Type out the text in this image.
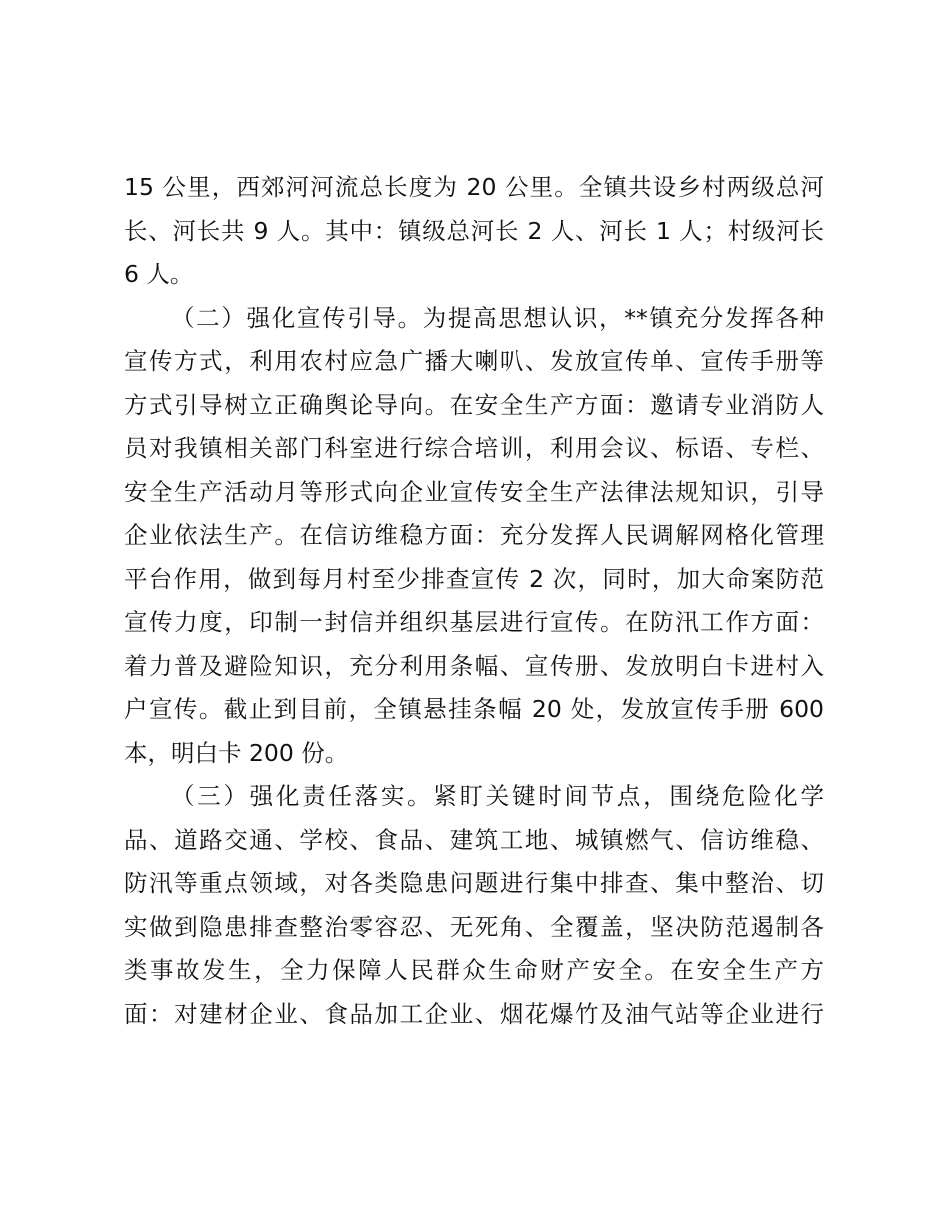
15 公里，西郊河河流总长度为 20 公里。全镇共设乡村两级总河
长、河长共 9 人。其中：镇级总河长 2 人、河长 1 人；村级河长
6 人。
（二）强化宣传引导。为提高思想认识，**镇充分发挥各种
宣传方式，利用农村应急广播大喇叭、发放宣传单、宣传手册等
方式引导树立正确舆论导向。在安全生产方面：邀请专业消防人
员对我镇相关部门科室进行综合培训，利用会议、标语、专栏、
安全生产活动月等形式向企业宣传安全生产法律法规知识，引导
企业依法生产。在信访维稳方面：充分发挥人民调解网格化管理
平台作用，做到每月村至少排查宣传 2 次，同时，加大命案防范
宣传力度，印制一封信并组织基层进行宣传。在防汛工作方面：
着力普及避险知识，充分利用条幅、宣传册、发放明白卡进村入
户宣传。截止到目前，全镇悬挂条幅 20 处，发放宣传手册 600
本，明白卡 200 份。
（三）强化责任落实。紧盯关键时间节点，围绕危险化学
品、道路交通、学校、食品、建筑工地、城镇燃气、信访维稳、
防汛等重点领域，对各类隐患问题进行集中排查、集中整治、切
实做到隐患排查整治零容忍、无死角、全覆盖，坚决防范遏制各
类事故发生，全力保障人民群众生命财产安全。在安全生产方
面：对建材企业、食品加工企业、烟花爆竹及油气站等企业进行
